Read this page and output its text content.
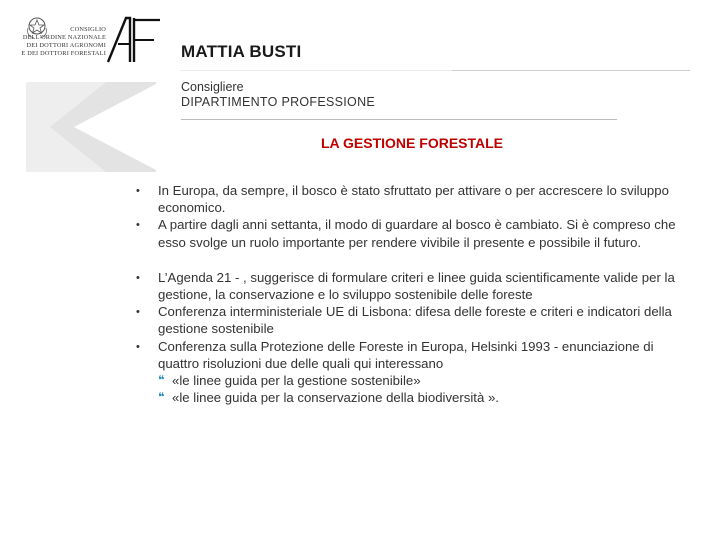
CONSIGLIO
DELL'ORDINE NAZIONALE
DEI DOTTORI AGRONOMI
E DEI DOTTORI FORESTALI	MATTIA BUSTI
Consigliere
DIPARTIMENTO PROFESSIONE
LA GESTIONE FORESTALE
•	In Europa, da sempre, il bosco è stato sfruttato per attivare o per accrescere lo sviluppo economico.
•	A partire dagli anni settanta, il modo di guardare al bosco è cambiato. Si è compreso che esso svolge un ruolo importante per rendere vivibile il presente e possibile il futuro.
•	L’Agenda 21 - , suggerisce di formulare criteri e linee guida scientificamente valide per la gestione, la conservazione e lo sviluppo sostenibile delle foreste
•	Conferenza interministeriale UE di Lisbona: difesa delle foreste e criteri e indicatori della gestione sostenibile
•	Conferenza sulla Protezione delle Foreste in Europa, Helsinki 1993 - enunciazione di quattro risoluzioni due delle quali qui interessano
❝
«le linee guida per la gestione sostenibile»
❝
«le linee guida per la conservazione della biodiversità ».
